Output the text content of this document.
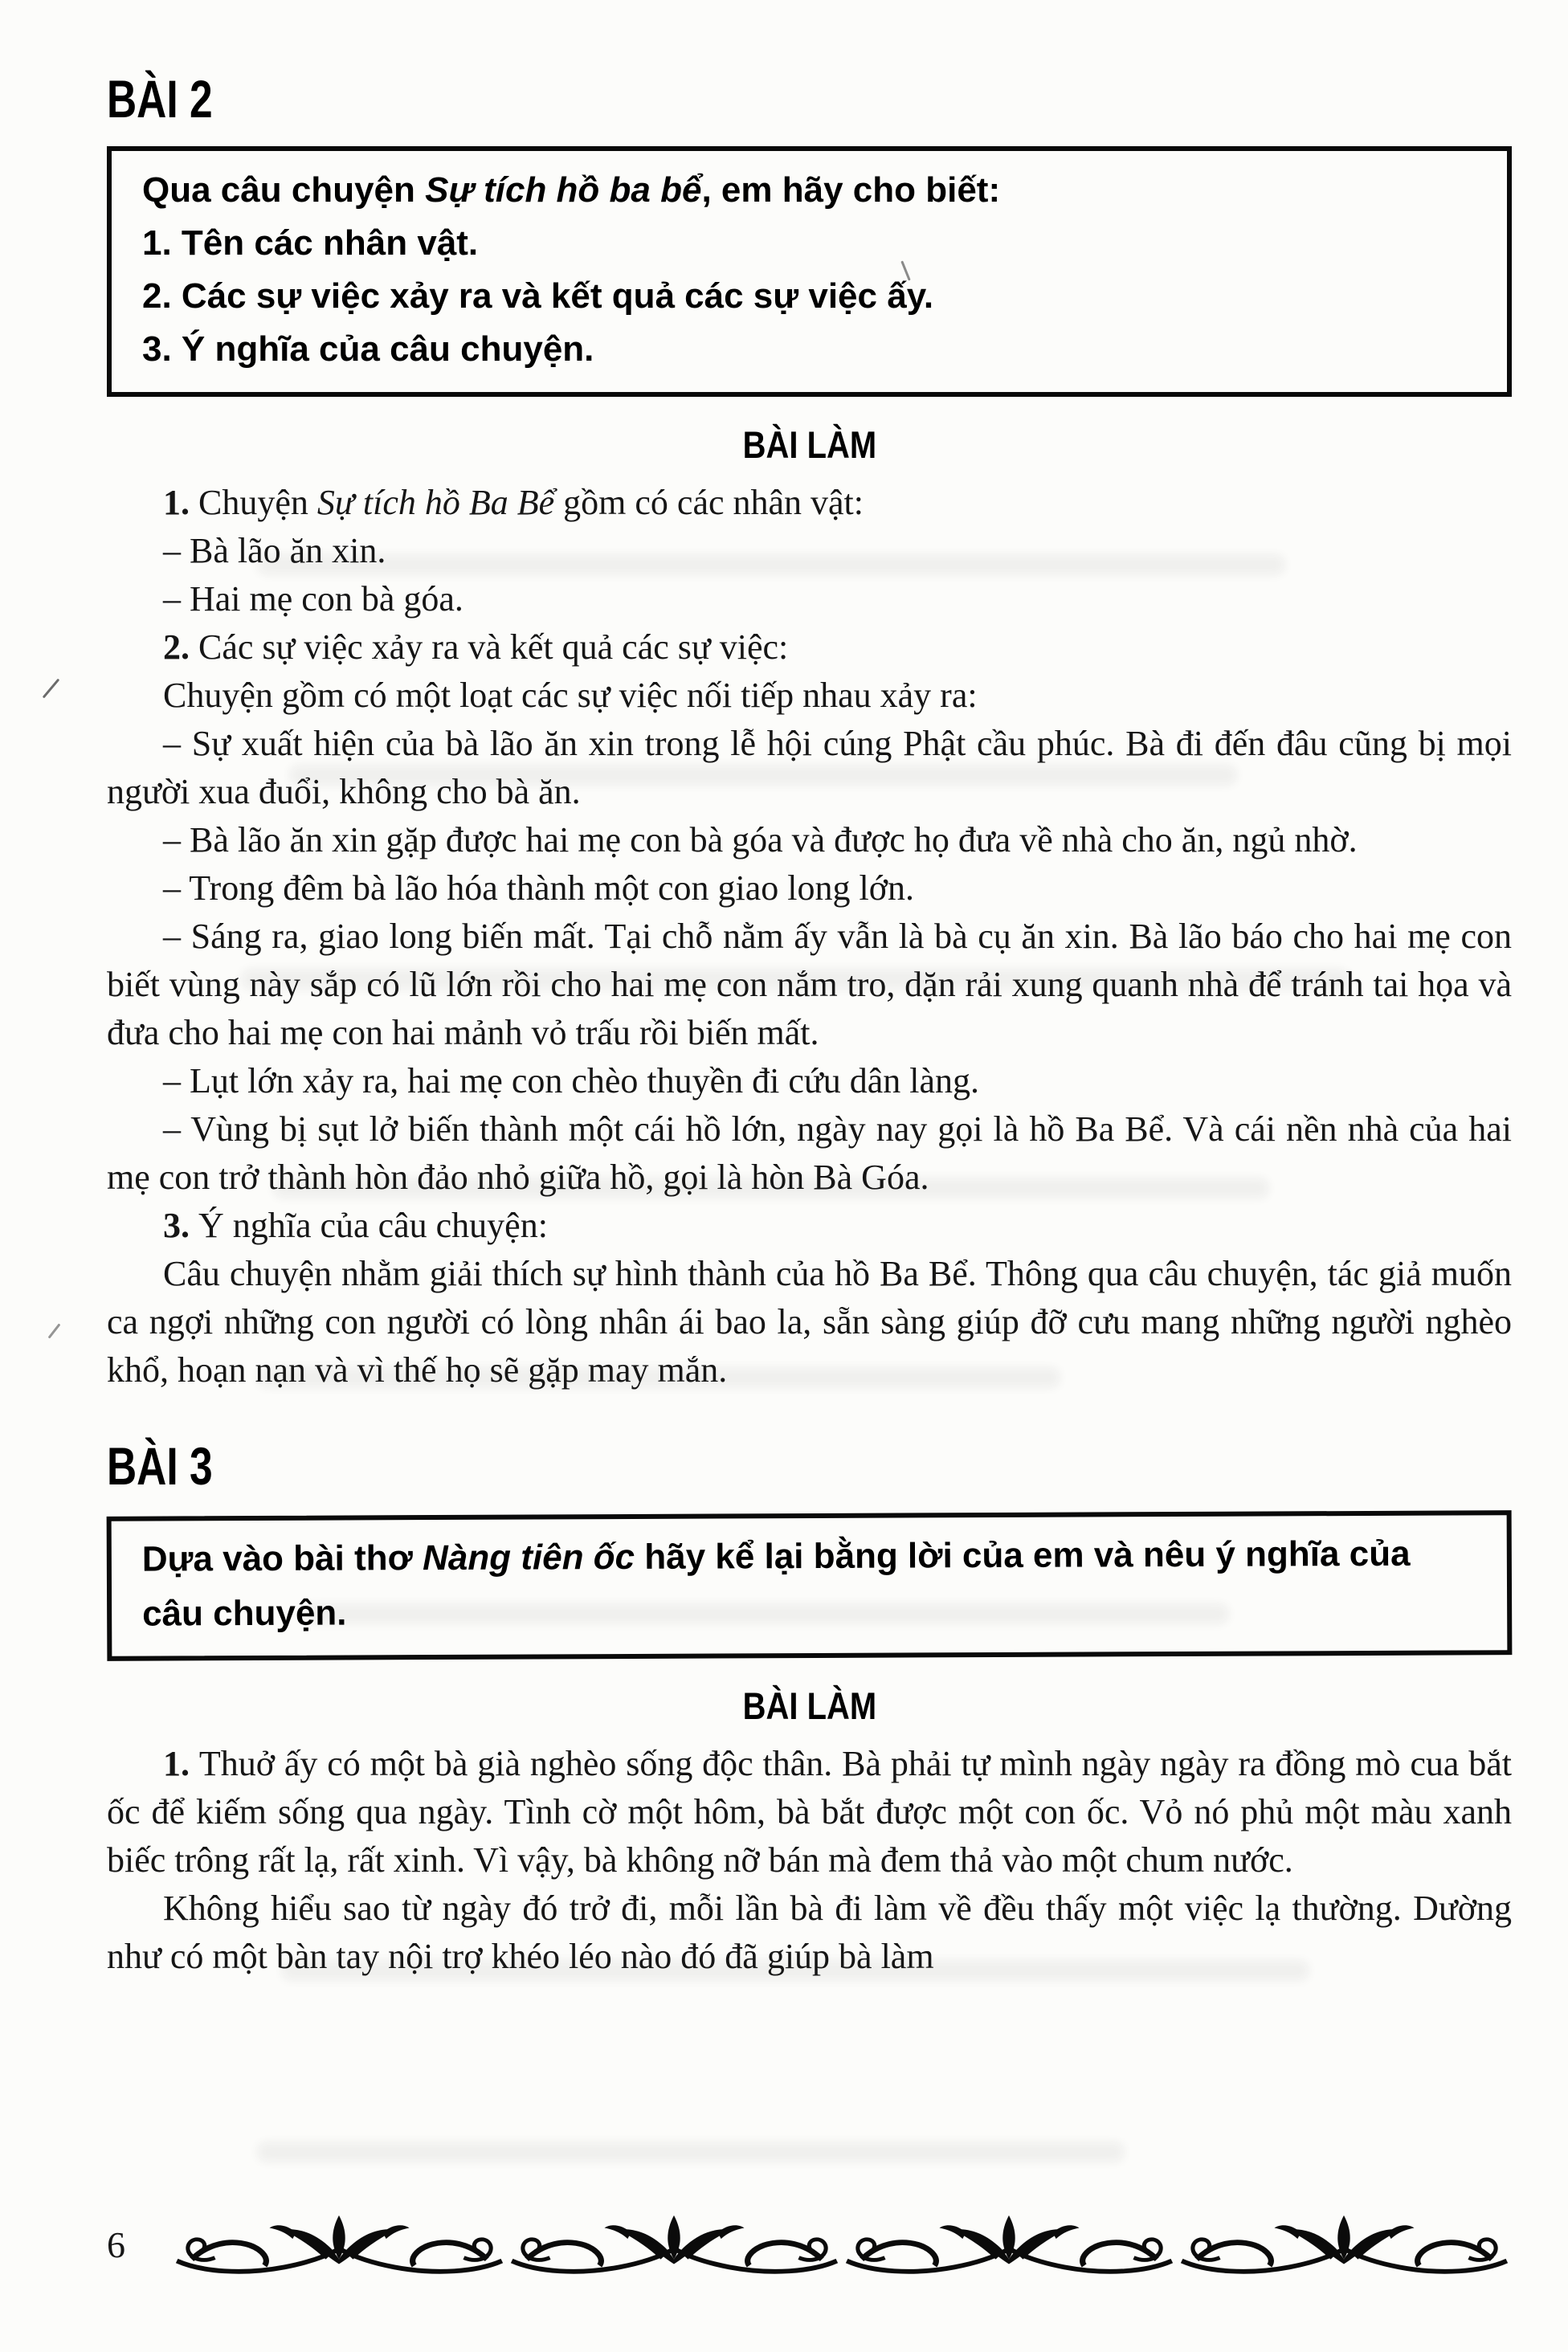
BÀI 2

Qua câu chuyện Sự tích hồ ba bể, em hãy cho biết:

1. Tên các nhân vật.

2. Các sự việc xảy ra và kết quả các sự việc ấy.

3. Ý nghĩa của câu chuyện.

BÀI LÀM

1. Chuyện Sự tích hồ Ba Bể gồm có các nhân vật:

– Bà lão ăn xin.

– Hai mẹ con bà góa.

2. Các sự việc xảy ra và kết quả các sự việc:

Chuyện gồm có một loạt các sự việc nối tiếp nhau xảy ra:

– Sự xuất hiện của bà lão ăn xin trong lễ hội cúng Phật cầu phúc. Bà đi đến đâu cũng bị mọi người xua đuổi, không cho bà ăn.

– Bà lão ăn xin gặp được hai mẹ con bà góa và được họ đưa về nhà cho ăn, ngủ nhờ.

– Trong đêm bà lão hóa thành một con giao long lớn.

– Sáng ra, giao long biến mất. Tại chỗ nằm ấy vẫn là bà cụ ăn xin. Bà lão báo cho hai mẹ con biết vùng này sắp có lũ lớn rồi cho hai mẹ con nắm tro, dặn rải xung quanh nhà để tránh tai họa và đưa cho hai mẹ con hai mảnh vỏ trấu rồi biến mất.

– Lụt lớn xảy ra, hai mẹ con chèo thuyền đi cứu dân làng.

– Vùng bị sụt lở biến thành một cái hồ lớn, ngày nay gọi là hồ Ba Bể. Và cái nền nhà của hai mẹ con trở thành hòn đảo nhỏ giữa hồ, gọi là hòn Bà Góa.

3. Ý nghĩa của câu chuyện:

Câu chuyện nhằm giải thích sự hình thành của hồ Ba Bể. Thông qua câu chuyện, tác giả muốn ca ngợi những con người có lòng nhân ái bao la, sẵn sàng giúp đỡ cưu mang những người nghèo khổ, hoạn nạn và vì thế họ sẽ gặp may mắn.

BÀI 3

Dựa vào bài thơ Nàng tiên ốc hãy kể lại bằng lời của em và nêu ý nghĩa của câu chuyện.

BÀI LÀM

1. Thuở ấy có một bà già nghèo sống độc thân. Bà phải tự mình ngày ngày ra đồng mò cua bắt ốc để kiếm sống qua ngày. Tình cờ một hôm, bà bắt được một con ốc. Vỏ nó phủ một màu xanh biếc trông rất lạ, rất xinh. Vì vậy, bà không nỡ bán mà đem thả vào một chum nước.

Không hiểu sao từ ngày đó trở đi, mỗi lần bà đi làm về đều thấy một việc lạ thường. Dường như có một bàn tay nội trợ khéo léo nào đó đã giúp bà làm

6
